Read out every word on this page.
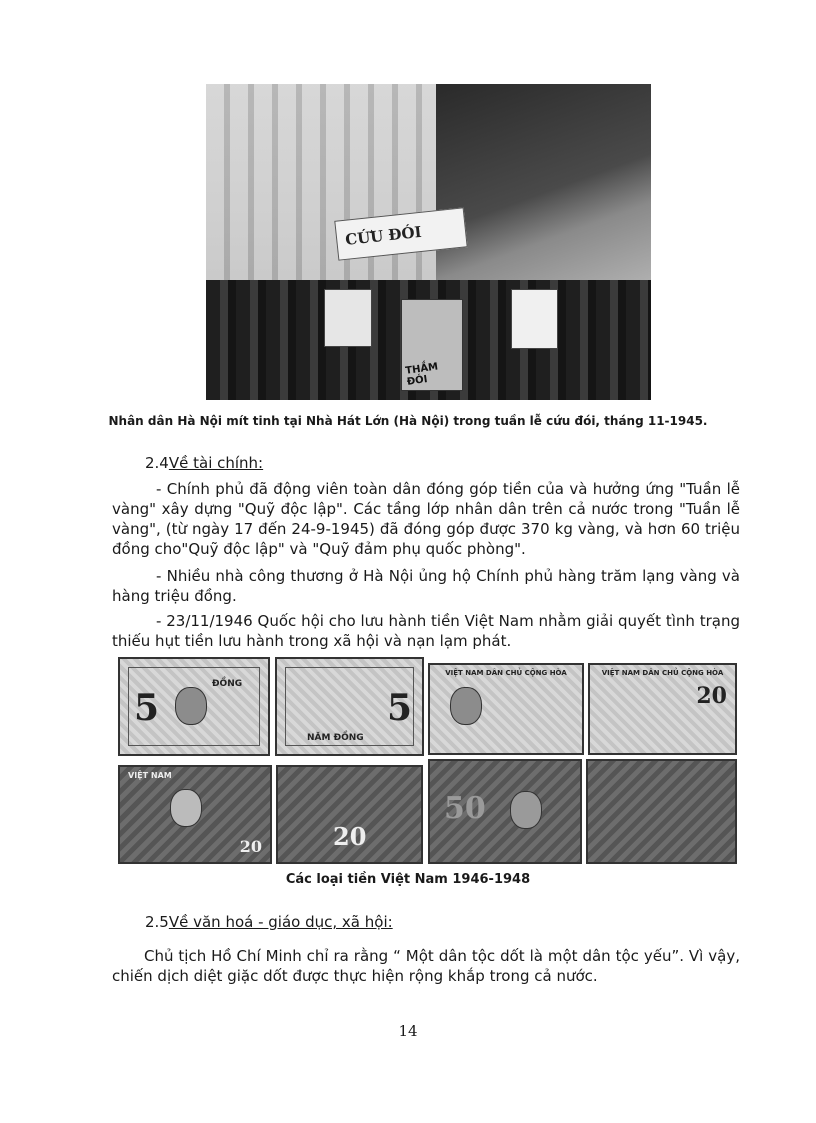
CỨU ĐÓI
THẮM ĐÓI
Nhân dân Hà Nội mít tinh tại Nhà Hát Lớn (Hà Nội) trong tuần lễ cứu đói, tháng 11-1945.
2.4Về tài chính:
- Chính phủ đã động viên toàn dân đóng góp tiền của và hưởng ứng "Tuần lễ vàng" xây dựng "Quỹ độc lập". Các tầng lớp nhân dân trên cả nước trong "Tuần lễ vàng", (từ ngày 17 đến 24-9-1945) đã đóng góp được 370 kg vàng, và hơn 60 triệu đồng cho"Quỹ độc lập" và "Quỹ đảm phụ quốc phòng".
- Nhiều nhà công thương ở Hà Nội ủng hộ Chính phủ hàng trăm lạng vàng và hàng triệu đồng.
- 23/11/1946 Quốc hội cho lưu hành tiền Việt Nam nhằm giải quyết tình trạng thiếu hụt tiền lưu hành trong xã hội và nạn lạm phát.
5
ĐỒNG
5
NĂM ĐỒNG
VIỆT NAM DÂN CHỦ CỘNG HÒA	VIỆT NAM DÂN CHỦ CỘNG HÒA
20
VIỆT NAM
20	20
50
Các loại tiền Việt Nam 1946-1948
2.5Về văn hoá - giáo dục, xã hội:
Chủ tịch Hồ Chí Minh chỉ ra rằng “ Một dân tộc dốt là một dân tộc yếu”. Vì vậy, chiến dịch diệt giặc dốt được thực hiện rộng khắp trong cả nước.
14
